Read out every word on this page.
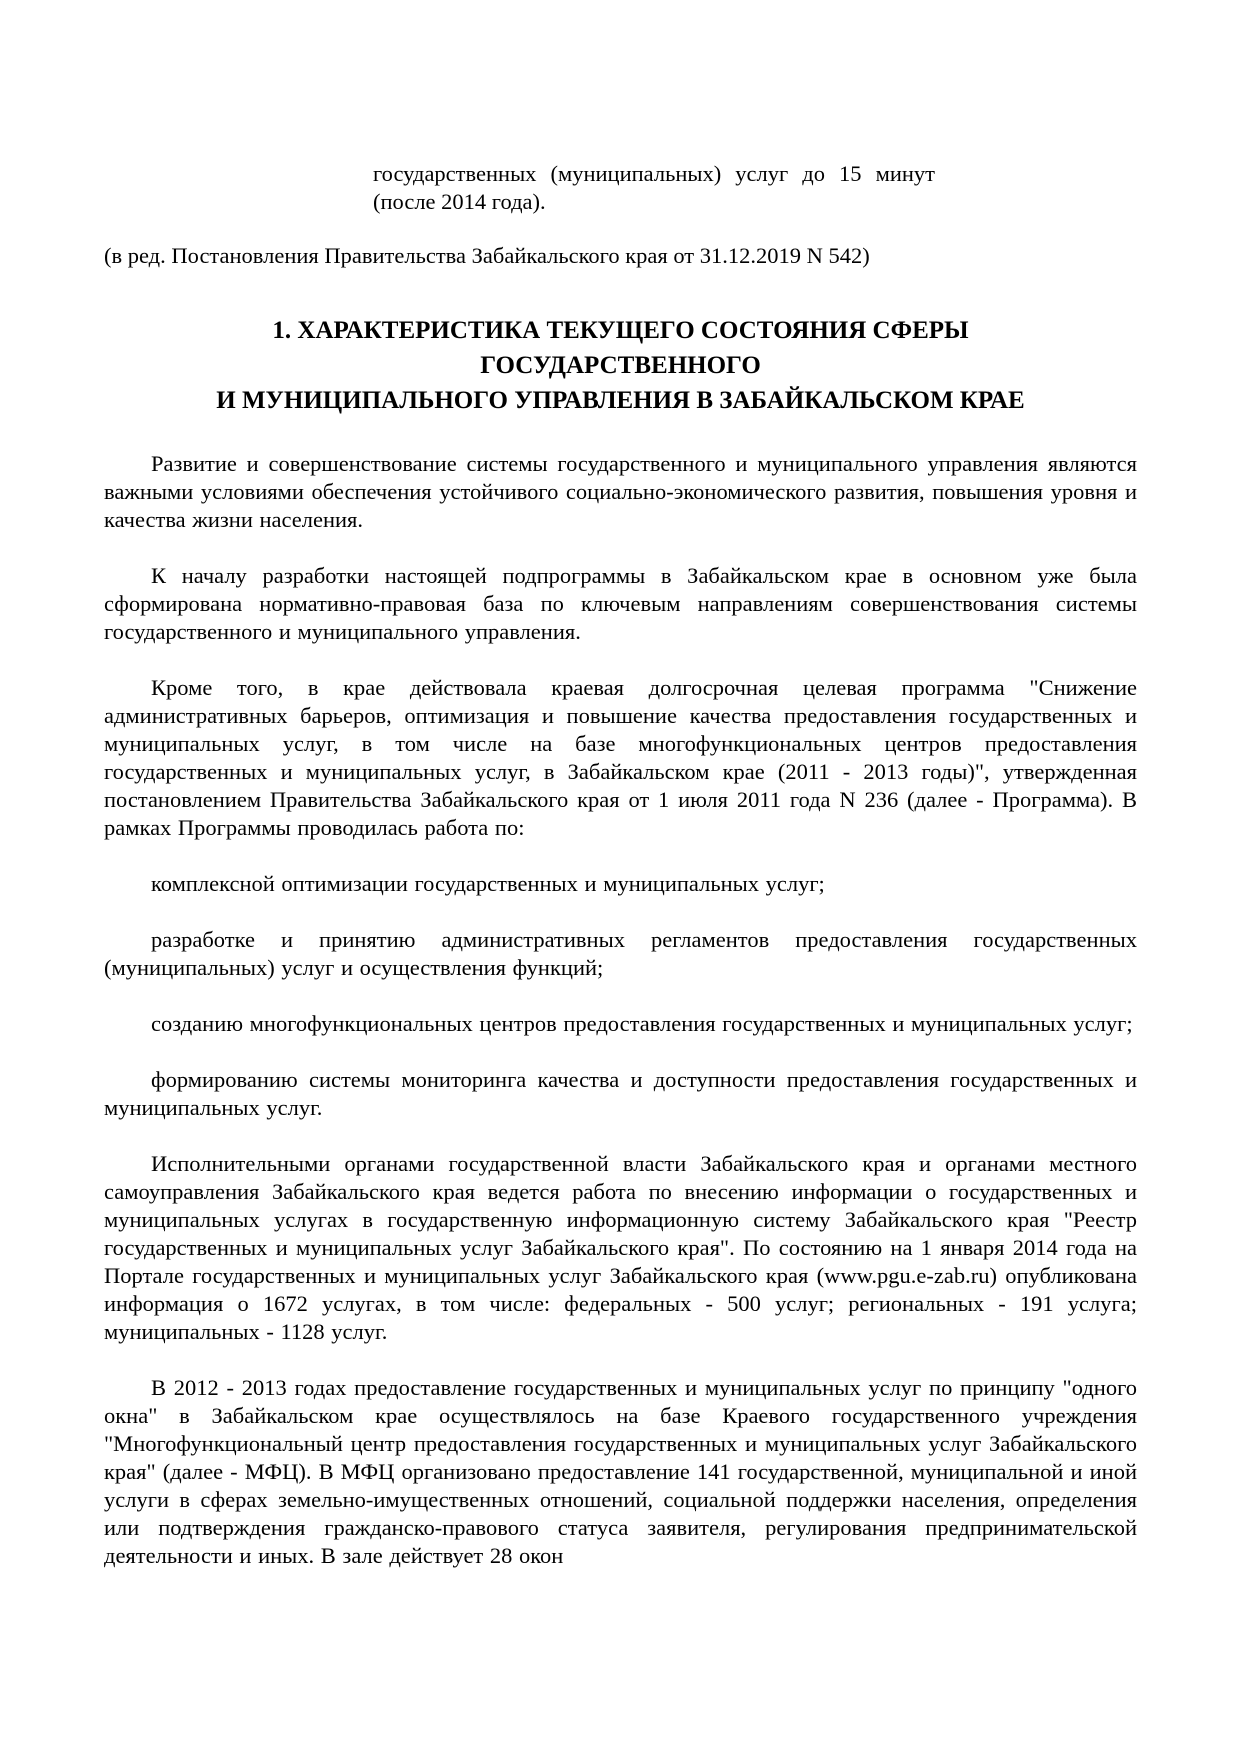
государственных (муниципальных) услуг до 15 минут
(после 2014 года).

(в ред. Постановления Правительства Забайкальского края от 31.12.2019 N 542)

1. ХАРАКТЕРИСТИКА ТЕКУЩЕГО СОСТОЯНИЯ СФЕРЫ
ГОСУДАРСТВЕННОГО
И МУНИЦИПАЛЬНОГО УПРАВЛЕНИЯ В ЗАБАЙКАЛЬСКОМ КРАЕ

Развитие и совершенствование системы государственного и муниципального управления являются важными условиями обеспечения устойчивого социально-экономического развития, повышения уровня и качества жизни населения.

К началу разработки настоящей подпрограммы в Забайкальском крае в основном уже была сформирована нормативно-правовая база по ключевым направлениям совершенствования системы государственного и муниципального управления.

Кроме того, в крае действовала краевая долгосрочная целевая программа "Снижение административных барьеров, оптимизация и повышение качества предоставления государственных и муниципальных услуг, в том числе на базе многофункциональных центров предоставления государственных и муниципальных услуг, в Забайкальском крае (2011 - 2013 годы)", утвержденная постановлением Правительства Забайкальского края от 1 июля 2011 года N 236 (далее - Программа). В рамках Программы проводилась работа по:

комплексной оптимизации государственных и муниципальных услуг;

разработке и принятию административных регламентов предоставления государственных (муниципальных) услуг и осуществления функций;

созданию многофункциональных центров предоставления государственных и муниципальных услуг;

формированию системы мониторинга качества и доступности предоставления государственных и муниципальных услуг.

Исполнительными органами государственной власти Забайкальского края и органами местного самоуправления Забайкальского края ведется работа по внесению информации о государственных и муниципальных услугах в государственную информационную систему Забайкальского края "Реестр государственных и муниципальных услуг Забайкальского края". По состоянию на 1 января 2014 года на Портале государственных и муниципальных услуг Забайкальского края (www.pgu.e-zab.ru) опубликована информация о 1672 услугах, в том числе: федеральных - 500 услуг; региональных - 191 услуга; муниципальных - 1128 услуг.

В 2012 - 2013 годах предоставление государственных и муниципальных услуг по принципу "одного окна" в Забайкальском крае осуществлялось на базе Краевого государственного учреждения "Многофункциональный центр предоставления государственных и муниципальных услуг Забайкальского края" (далее - МФЦ). В МФЦ организовано предоставление 141 государственной, муниципальной и иной услуги в сферах земельно-имущественных отношений, социальной поддержки населения, определения или подтверждения гражданско-правового статуса заявителя, регулирования предпринимательской деятельности и иных. В зале действует 28 окон
